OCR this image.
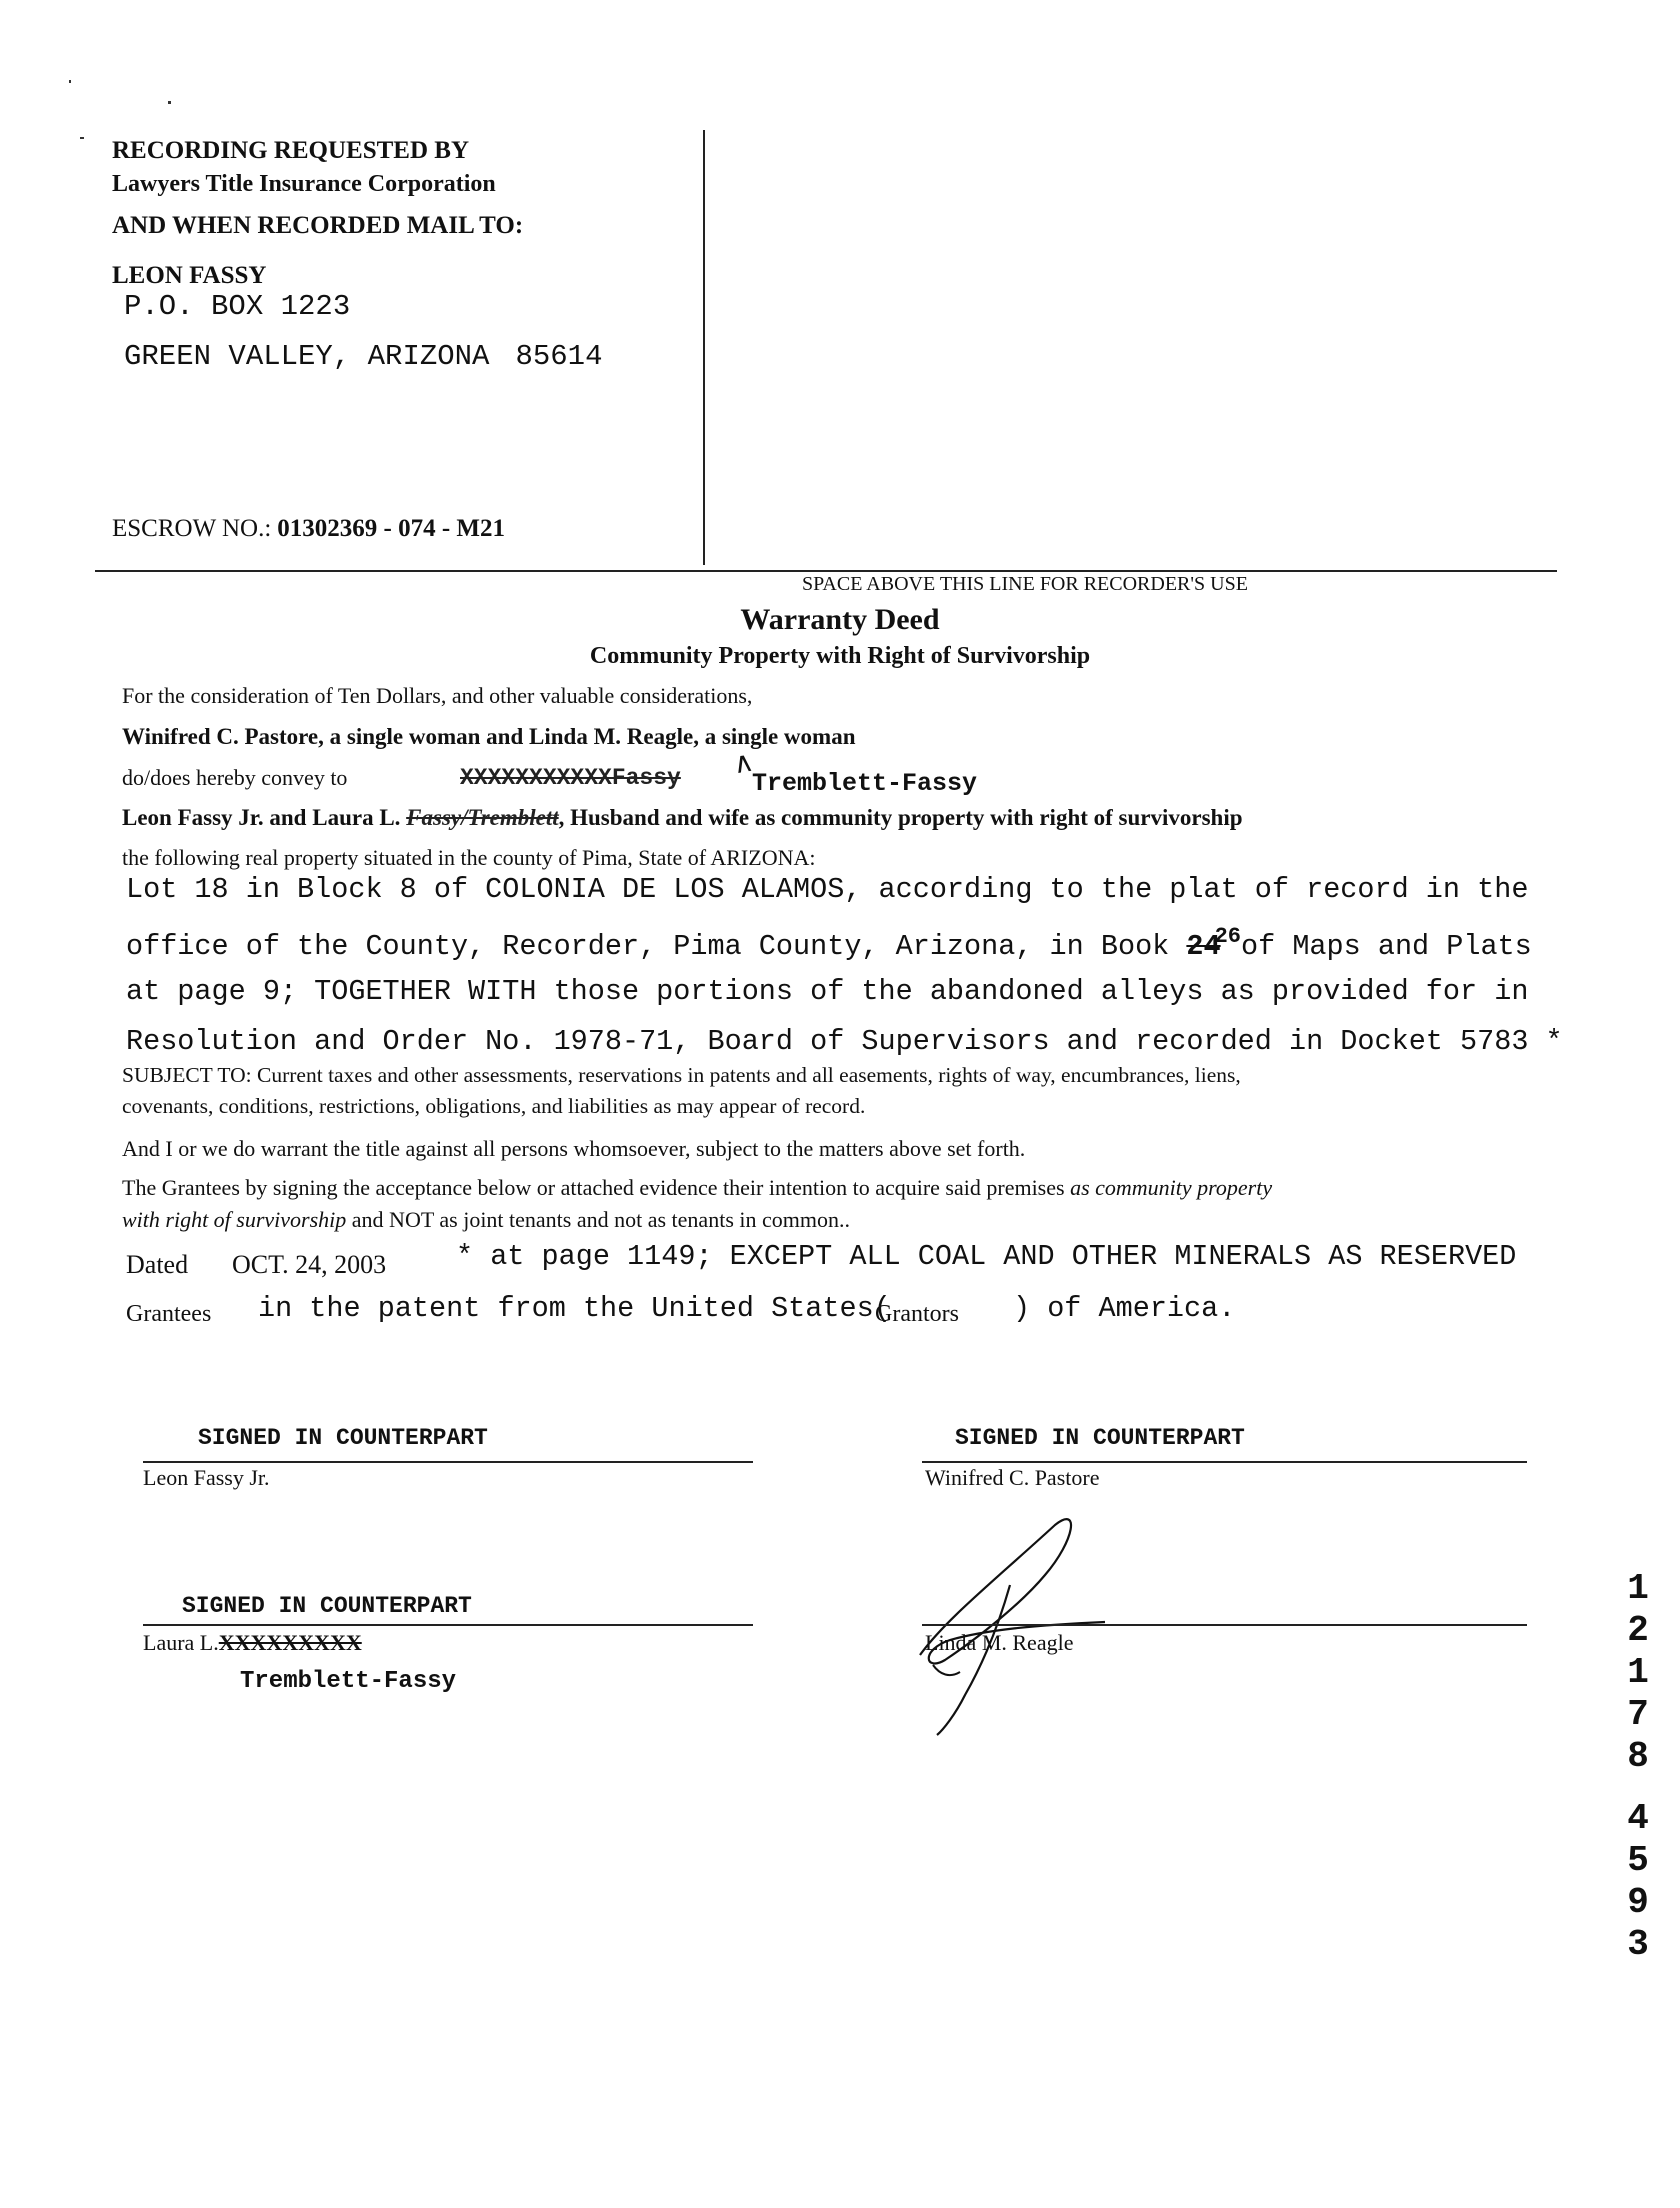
RECORDING REQUESTED BY
Lawyers Title Insurance Corporation
AND WHEN RECORDED MAIL TO:
LEON FASSY
P.O. BOX 1223
GREEN VALLEY, ARIZONA 85614
ESCROW NO.: 01302369 - 074 - M21
SPACE ABOVE THIS LINE FOR RECORDER'S USE
Warranty Deed
Community Property with Right of Survivorship
For the consideration of Ten Dollars, and other valuable considerations,
Winifred C. Pastore, a single woman and Linda M. Reagle, a single woman
do/does hereby convey to	XXXXXXXXXXXFassy ∧
Tremblett-Fassy
Leon Fassy Jr. and Laura L. Fassy/Tremblett, Husband and wife as community property with right of survivorship
the following real property situated in the county of Pima, State of ARIZONA:
Lot 18 in Block 8 of COLONIA DE LOS ALAMOS, according to the plat of record in the
office of the County, Recorder, Pima County, Arizona, in Book $24^{26}of$ Maps and Plats
at page 9; TOGETHER WITH those portions of the abandoned alleys as provided for in
Resolution and Order No. 1978-71, Board of Supervisors and recorded in Docket 5783 *
SUBJECT TO: Current taxes and other assessments, reservations in patents and all easements, rights of way, encumbrances, liens,
covenants, conditions, restrictions, obligations, and liabilities as may appear of record.
And I or we do warrant the title against all persons whomsoever, subject to the matters above set forth.
The Grantees by signing the acceptance below or attached evidence their intention to acquire said premises as community property
with right of survivorship and NOT as joint tenants and not as tenants in common..
Dated OCT. 24, 2003 * at page 1149; EXCEPT ALL COAL AND OTHER MINERALS AS RESERVED
Grantees in the patent from the United States(
Grantors ) of America.
SIGNED IN COUNTERPART
Leon Fassy Jr.
SIGNED IN COUNTERPART
Winifred C. Pastore
SIGNED IN COUNTERPART
Laura L.XXXXXXXXX
Tremblett-Fassy
Linda M. Reagle
1
2
1
7
8
4
5
9
3
